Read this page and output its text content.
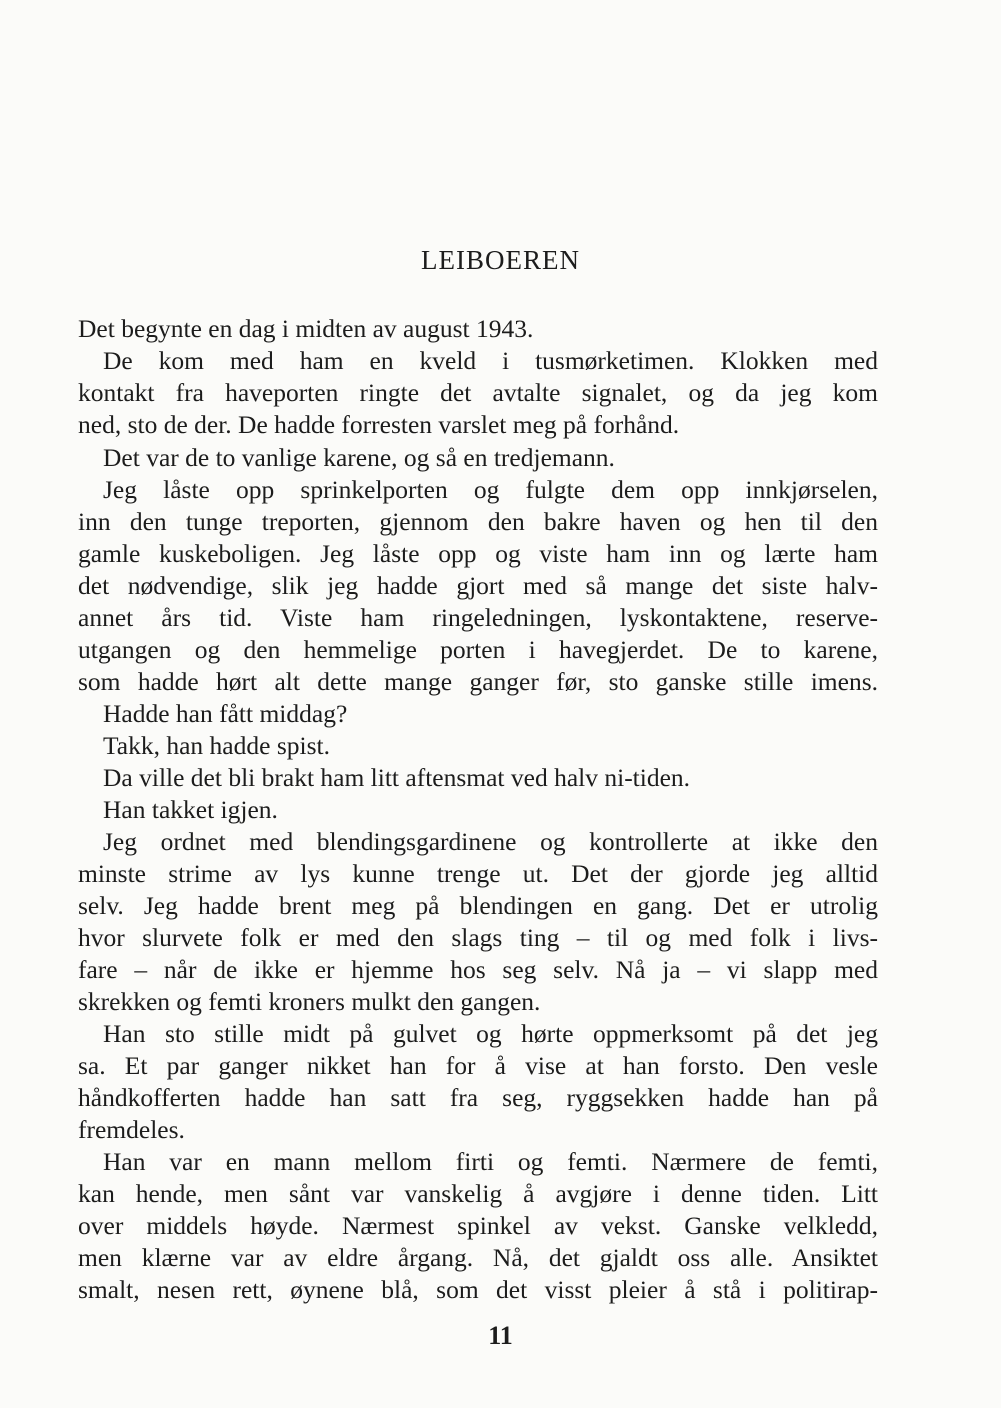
LEIBOEREN
Det begynte en dag i midten av august 1943.
De kom med ham en kveld i tusmørketimen. Klokken med
kontakt fra haveporten ringte det avtalte signalet, og da jeg kom
ned, sto de der. De hadde forresten varslet meg på forhånd.
Det var de to vanlige karene, og så en tredjemann.
Jeg låste opp sprinkelporten og fulgte dem opp innkjørselen,
inn den tunge treporten, gjennom den bakre haven og hen til den
gamle kuskeboligen. Jeg låste opp og viste ham inn og lærte ham
det nødvendige, slik jeg hadde gjort med så mange det siste halv-
annet års tid. Viste ham ringeledningen, lyskontaktene, reserve-
utgangen og den hemmelige porten i havegjerdet. De to karene,
som hadde hørt alt dette mange ganger før, sto ganske stille imens.
Hadde han fått middag?
Takk, han hadde spist.
Da ville det bli brakt ham litt aftensmat ved halv ni-tiden.
Han takket igjen.
Jeg ordnet med blendingsgardinene og kontrollerte at ikke den
minste strime av lys kunne trenge ut. Det der gjorde jeg alltid
selv. Jeg hadde brent meg på blendingen en gang. Det er utrolig
hvor slurvete folk er med den slags ting – til og med folk i livs-
fare – når de ikke er hjemme hos seg selv. Nå ja – vi slapp med
skrekken og femti kroners mulkt den gangen.
Han sto stille midt på gulvet og hørte oppmerksomt på det jeg
sa. Et par ganger nikket han for å vise at han forsto. Den vesle
håndkofferten hadde han satt fra seg, ryggsekken hadde han på
fremdeles.
Han var en mann mellom firti og femti. Nærmere de femti,
kan hende, men sånt var vanskelig å avgjøre i denne tiden. Litt
over middels høyde. Nærmest spinkel av vekst. Ganske velkledd,
men klærne var av eldre årgang. Nå, det gjaldt oss alle. Ansiktet
smalt, nesen rett, øynene blå, som det visst pleier å stå i politirap-
11
